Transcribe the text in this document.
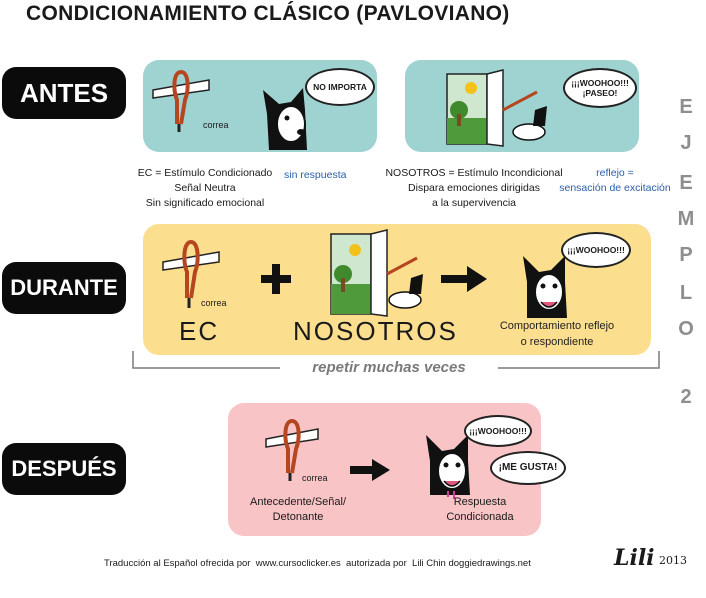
CONDICIONAMIENTO CLÁSICO (PAVLOVIANO)
ANTES
DURANTE
DESPUÉS
E
J
E
M
P
L
O
2
correa
NO IMPORTA	¡¡¡WOOHOO!!!
¡PASEO!
EC = Estímulo Condicionado
Señal Neutra
Sin significado emocional
sin respuesta	NOSOTROS = Estímulo Incondicional
Dispara emociones dirigidas
a la supervivencia
reflejo =
sensación de excitación
correa
EC	NOSOTROS
¡¡¡WOOHOO!!!
Comportamiento reflejo
o respondiente
repetir muchas veces
correa
¡¡¡WOOHOO!!!
¡ME GUSTA!
Antecedente/Señal/
Detonante
Respuesta
Condicionada
Traducción al Español ofrecida por www.cursoclicker.es autorizada por Lili Chin doggiedrawings.net	Lili 2013
